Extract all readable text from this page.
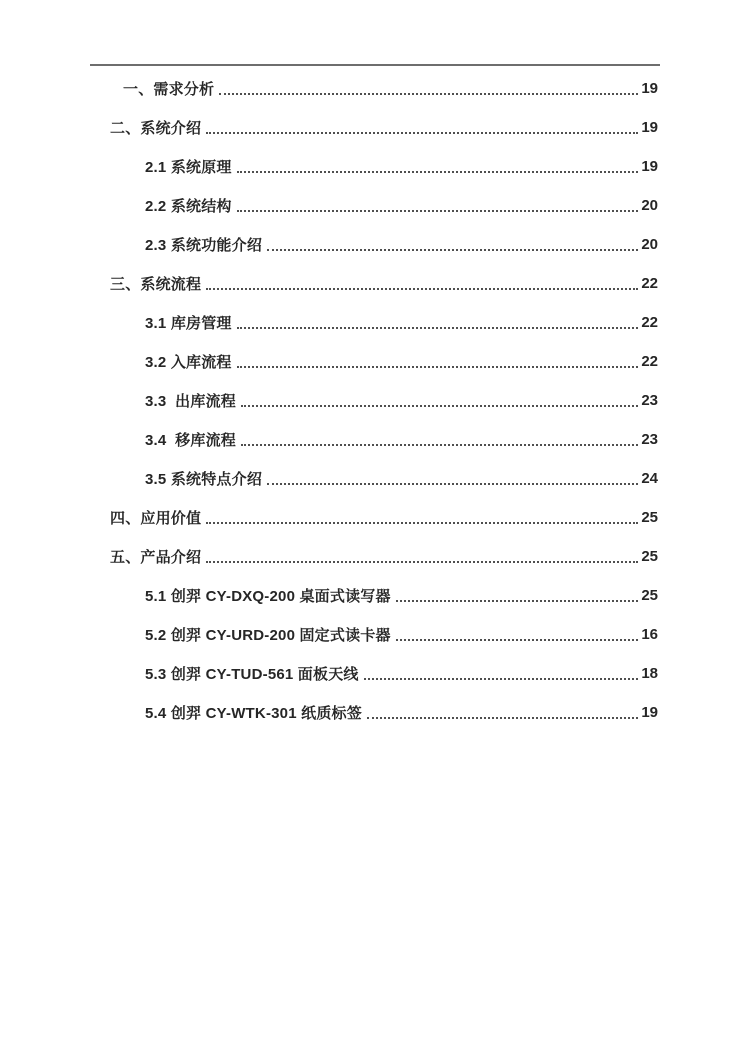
一、需求分析	19
二、系统介绍	19
2.1 系统原理	19
2.2 系统结构	20
2.3 系统功能介绍	20
三、系统流程	22
3.1 库房管理	22
3.2 入库流程	22
3.3  出库流程	23
3.4  移库流程	23
3.5 系统特点介绍	24
四、应用价值	25
五、产品介绍	25
5.1 创羿 CY-DXQ-200 桌面式读写器	25
5.2 创羿 CY-URD-200 固定式读卡器	16
5.3 创羿 CY-TUD-561 面板天线	18
5.4 创羿 CY-WTK-301 纸质标签	19
